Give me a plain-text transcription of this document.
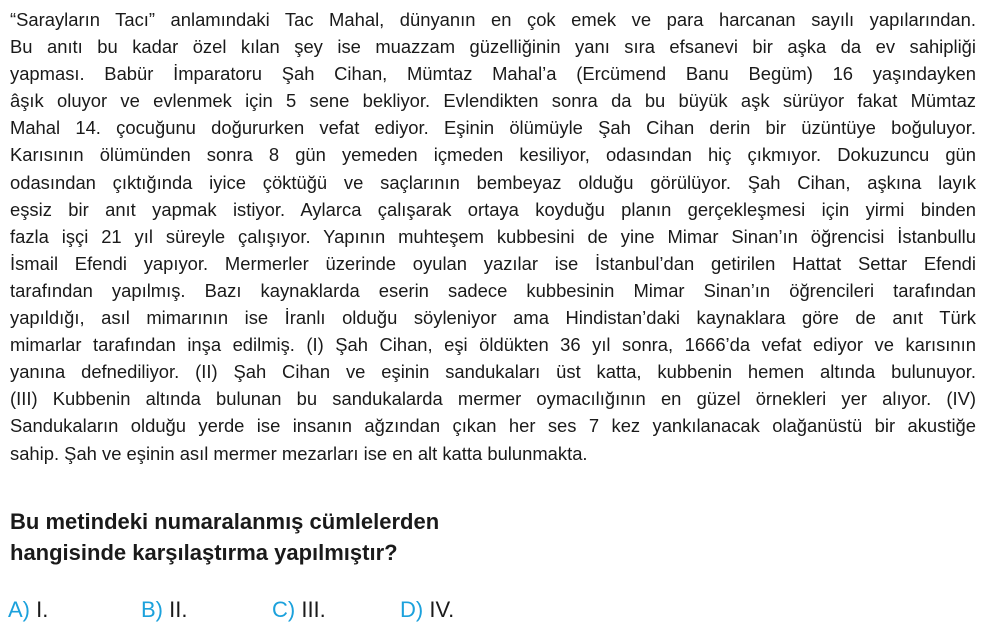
“Sarayların Tacı” anlamındaki Tac Mahal, dünyanın en çok emek ve para harcanan sayılı yapılarından.
Bu anıtı bu kadar özel kılan şey ise muazzam güzelliğinin yanı sıra efsanevi bir aşka da ev sahipliği
yapması. Babür İmparatoru Şah Cihan, Mümtaz Mahal’a (Ercümend Banu Begüm) 16 yaşındayken
âşık oluyor ve evlenmek için 5 sene bekliyor. Evlendikten sonra da bu büyük aşk sürüyor fakat Mümtaz
Mahal 14. çocuğunu doğururken vefat ediyor. Eşinin ölümüyle Şah Cihan derin bir üzüntüye boğuluyor.
Karısının ölümünden sonra 8 gün yemeden içmeden kesiliyor, odasından hiç çıkmıyor. Dokuzuncu gün
odasından çıktığında iyice çöktüğü ve saçlarının bembeyaz olduğu görülüyor. Şah Cihan, aşkına layık
eşsiz bir anıt yapmak istiyor. Aylarca çalışarak ortaya koyduğu planın gerçekleşmesi için yirmi binden
fazla işçi 21 yıl süreyle çalışıyor. Yapının muhteşem kubbesini de yine Mimar Sinan’ın öğrencisi İstanbullu
İsmail Efendi yapıyor. Mermerler üzerinde oyulan yazılar ise İstanbul’dan getirilen Hattat Settar Efendi
tarafından yapılmış. Bazı kaynaklarda eserin sadece kubbesinin Mimar Sinan’ın öğrencileri tarafından
yapıldığı, asıl mimarının ise İranlı olduğu söyleniyor ama Hindistan’daki kaynaklara göre de anıt Türk
mimarlar tarafından inşa edilmiş. (I) Şah Cihan, eşi öldükten 36 yıl sonra, 1666’da vefat ediyor ve karısının
yanına defnediliyor. (II) Şah Cihan ve eşinin sandukaları üst katta, kubbenin hemen altında bulunuyor.
(III) Kubbenin altında bulunan bu sandukalarda mermer oymacılığının en güzel örnekleri yer alıyor. (IV)
Sandukaların olduğu yerde ise insanın ağzından çıkan her ses 7 kez yankılanacak olağanüstü bir akustiğe
sahip. Şah ve eşinin asıl mermer mezarları ise en alt katta bulunmakta.
Bu metindeki numaralanmış cümlelerden
hangisinde karşılaştırma yapılmıştır?
A) I.	B) II.	C) III.	D) IV.
